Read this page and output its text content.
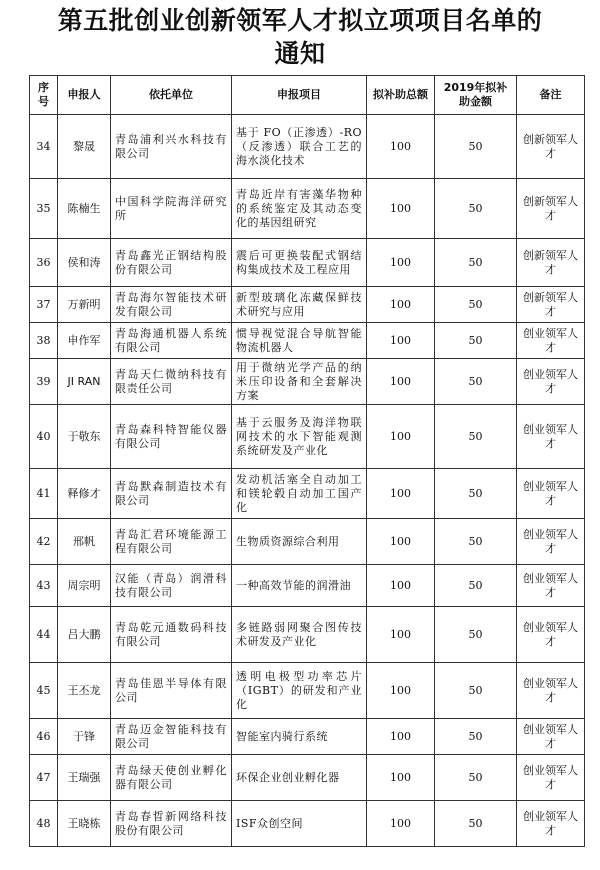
第五批创业创新领军人才拟立项项目名单的
通知
序号	申报人	依托单位	申报项目	拟补助总额	2019年拟补助金额	备注
34	黎晟	青岛浦利兴水科技有限公司	基于 FO（正渗透）-RO（反渗透）联合工艺的海水淡化技术	100	50	创新领军人才
35	陈楠生	中国科学院海洋研究所	青岛近岸有害藻华物种的系统鉴定及其动态变化的基因组研究	100	50	创新领军人才
36	侯和涛	青岛鑫光正钢结构股份有限公司	震后可更换装配式钢结构集成技术及工程应用	100	50	创新领军人才
37	万新明	青岛海尔智能技术研发有限公司	新型玻璃化冻藏保鲜技术研究与应用	100	50	创新领军人才
38	申作军	青岛海通机器人系统有限公司	惯导视觉混合导航智能物流机器人	100	50	创业领军人才
39	JI RAN	青岛天仁微纳科技有限责任公司	用于微纳光学产品的纳米压印设备和全套解决方案	100	50	创业领军人才
40	于敬东	青岛森科特智能仪器有限公司	基于云服务及海洋物联网技术的水下智能观测系统研发及产业化	100	50	创业领军人才
41	释修才	青岛默森制造技术有限公司	发动机活塞全自动加工和镁轮毂自动加工国产化	100	50	创业领军人才
42	邢帆	青岛汇君环境能源工程有限公司	生物质资源综合利用	100	50	创业领军人才
43	周宗明	汉能（青岛）润滑科技有限公司	一种高效节能的润滑油	100	50	创业领军人才
44	吕大鹏	青岛乾元通数码科技有限公司	多链路弱网聚合图传技术研发及产业化	100	50	创业领军人才
45	王丕龙	青岛佳恩半导体有限公司	透明电极型功率芯片（IGBT）的研发和产业化	100	50	创业领军人才
46	于锋	青岛迈金智能科技有限公司	智能室内骑行系统	100	50	创业领军人才
47	王瑞强	青岛绿天使创业孵化器有限公司	环保企业创业孵化器	100	50	创业领军人才
48	王晓栋	青岛春晢新网络科技股份有限公司	ISF众创空间	100	50	创业领军人才
